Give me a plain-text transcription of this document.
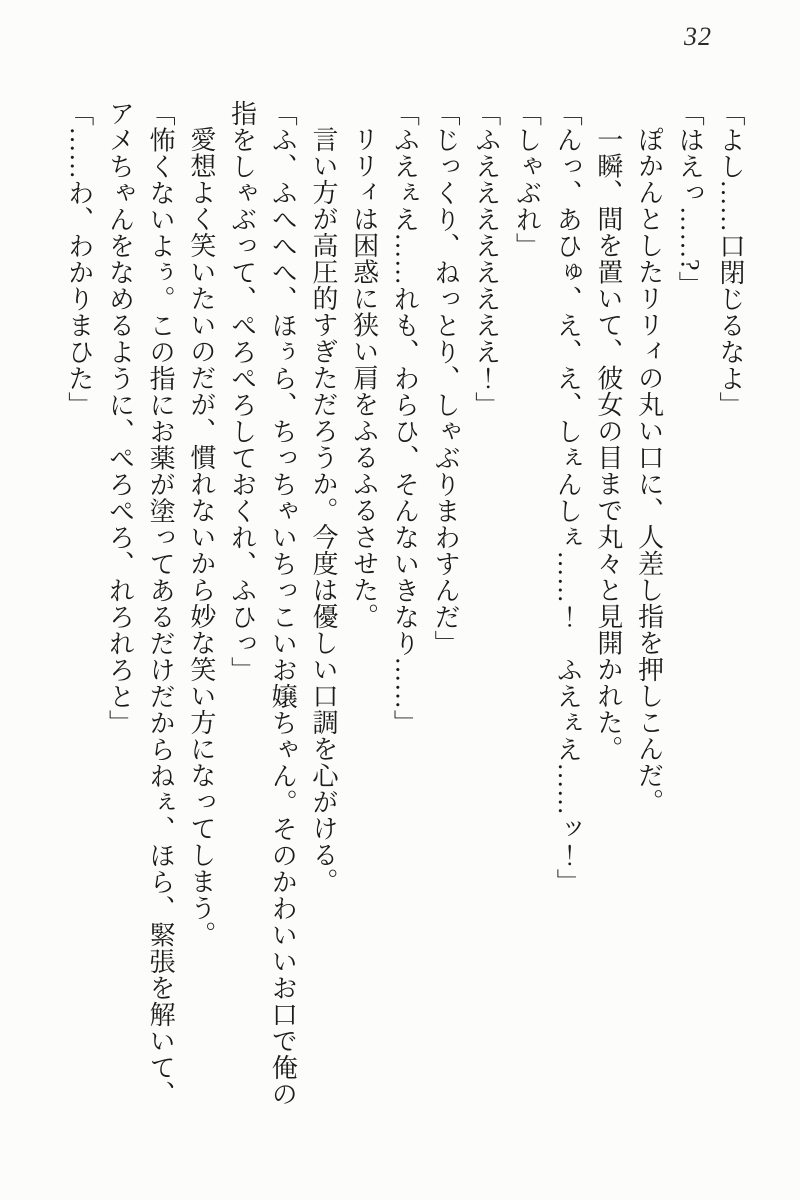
32

「よし……口閉じるなよ」

「はえっ……?」

ぽかんとしたリリィの丸い口に、人差し指を押しこんだ。

一瞬、間を置いて、彼女の目まで丸々と見開かれた。

「んっ、あひゅ、え、え、しぇんしぇ……！　ふえぇえ……ッ！」

「しゃぶれ」

「ふええええええええ！」

「じっくり、ねっとり、しゃぶりまわすんだ」

「ふえぇえ……れも、わらひ、そんないきなり……」

リリィは困惑に狭い肩をふるふるさせた。

言い方が高圧的すぎただろうか。今度は優しい口調を心がける。

「ふ、ふへへへ、ほぅら、ちっちゃいちっこいお嬢ちゃん。そのかわいいお口で俺の

指をしゃぶって、ぺろぺろしておくれ、ふひっ」

愛想よく笑いたいのだが、慣れないから妙な笑い方になってしまう。

「怖くないよぅ。この指にお薬が塗ってあるだけだからねぇ、ほら、緊張を解いて、

アメちゃんをなめるように、ぺろぺろ、れろれろと」

「……わ、わかりまひた」
